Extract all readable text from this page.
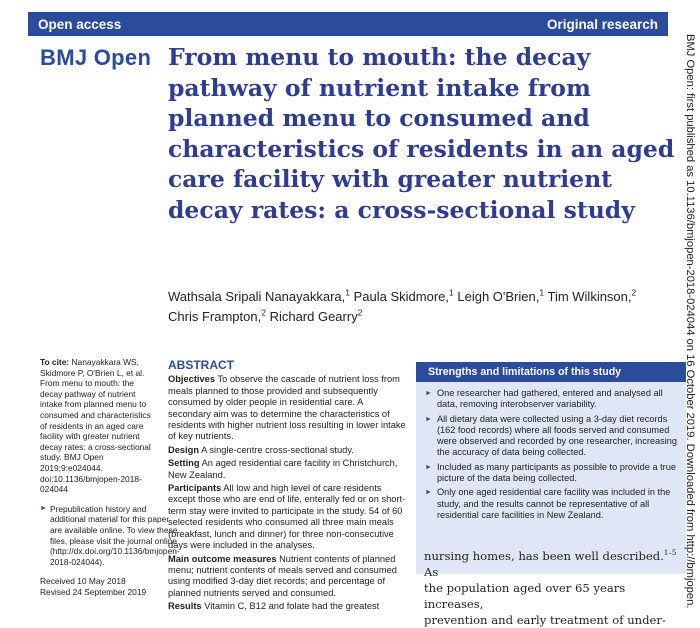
Open access	Original research
BMJ Open From menu to mouth: the decay pathway of nutrient intake from planned menu to consumed and characteristics of residents in an aged care facility with greater nutrient decay rates: a cross-sectional study
Wathsala Sripali Nanayakkara,$^1$ Paula Skidmore,$^1$ Leigh O'Brien,$^1$ Tim Wilkinson,$^2$ Chris Frampton,$^2$ Richard Gearry$^2$
To cite: Nanayakkara WS, Skidmore P, O'Brien L, et al. From menu to mouth: the decay pathway of nutrient intake from planned menu to consumed and characteristics of residents in an aged care facility with greater nutrient decay rates: a cross-sectional study. BMJ Open 2019;9:e024044. doi:10.1136/bmjopen-2018-024044
► Prepublication history and additional material for this paper are available online. To view these files, please visit the journal online (http://dx.doi.org/10.1136/bmjopen-2018-024044).
Received 10 May 2018
Revised 24 September 2019
ABSTRACT

Objectives To observe the cascade of nutrient loss from meals planned to those provided and subsequently consumed by older people in residential care. A secondary aim was to determine the characteristics of residents with higher nutrient loss resulting in lower intake of key nutrients.

Design A single-centre cross-sectional study.

Setting An aged residential care facility in Christchurch, New Zealand.

Participants All low and high level of care residents except those who are end of life, enterally fed or on short-term stay were invited to participate in the study. 54 of 60 selected residents who consumed all three main meals (breakfast, lunch and dinner) for three non-consecutive days were included in the analyses.

Main outcome measures Nutrient contents of planned menu; nutrient contents of meals served and consumed using modified 3-day diet records; and percentage of planned nutrients served and consumed.

Results Vitamin C, B12 and folate had the greatest

Strengths and limitations of this study
► One researcher had gathered, entered and analysed all data, removing interobserver variability.
► All dietary data were collected using a 3-day diet records (162 food records) where all foods served and consumed were observed and recorded by one researcher, increasing the accuracy of data being collected.
► Included as many participants as possible to provide a true picture of the data being collected.
► Only one aged residential care facility was included in the study, and the results cannot be representative of all residential care facilities in New Zealand.
nursing homes, has been well described.$^{1-5}$ As
the population aged over 65 years increases,
prevention and early treatment of under-
BMJ Open: first published as 10.1136/bmjopen-2018-024044 on 16 October 2019. Downloaded from http://bmjopen.
